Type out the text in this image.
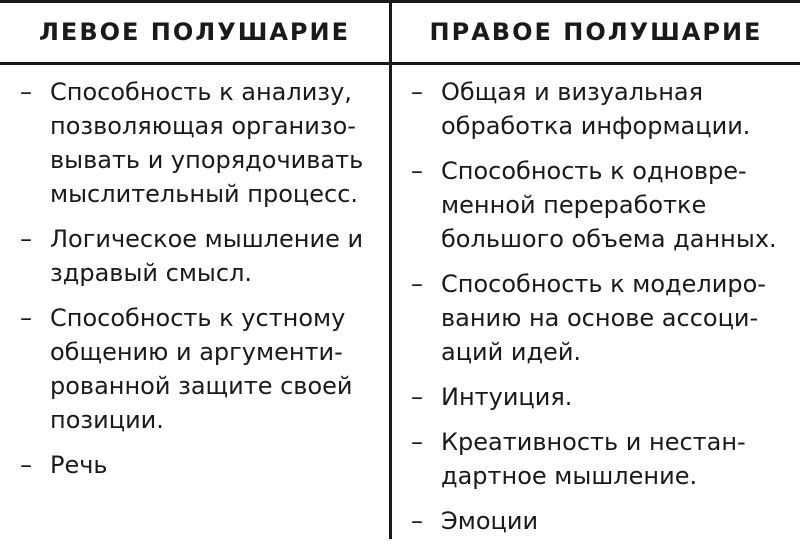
ЛЕВОЕ ПОЛУШАРИЕ	ПРАВОЕ ПОЛУШАРИЕ
– Способность к анализу,
позволяющая организо-
вывать и упорядочивать
мыслительный процесс.
– Логическое мышление и
здравый смысл.
– Способность к устному
общению и аргументи-
рованной защите своей
позиции.
– Речь
– Общая и визуальная
обработка информации.
– Способность к одновре-
менной переработке
большого объема данных.
– Способность к моделиро-
ванию на основе ассоци-
аций идей.
– Интуиция.
– Креативность и нестан-
дартное мышление.
– Эмоции
